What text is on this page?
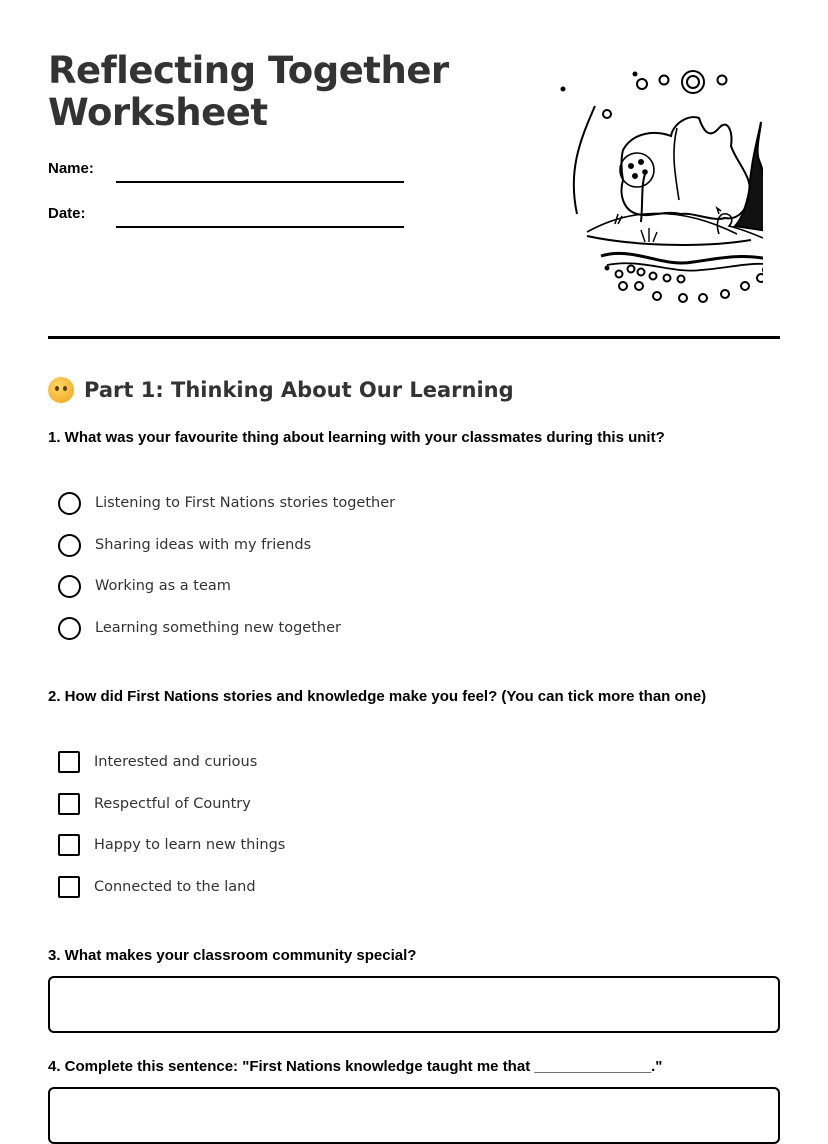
Reflecting Together
Worksheet
Name:
Date:
Part 1: Thinking About Our Learning
1. What was your favourite thing about learning with your classmates during this unit?
Listening to First Nations stories together
Sharing ideas with my friends
Working as a team
Learning something new together
2. How did First Nations stories and knowledge make you feel? (You can tick more than one)
Interested and curious
Respectful of Country
Happy to learn new things
Connected to the land
3. What makes your classroom community special?
4. Complete this sentence: "First Nations knowledge taught me that ______________."
